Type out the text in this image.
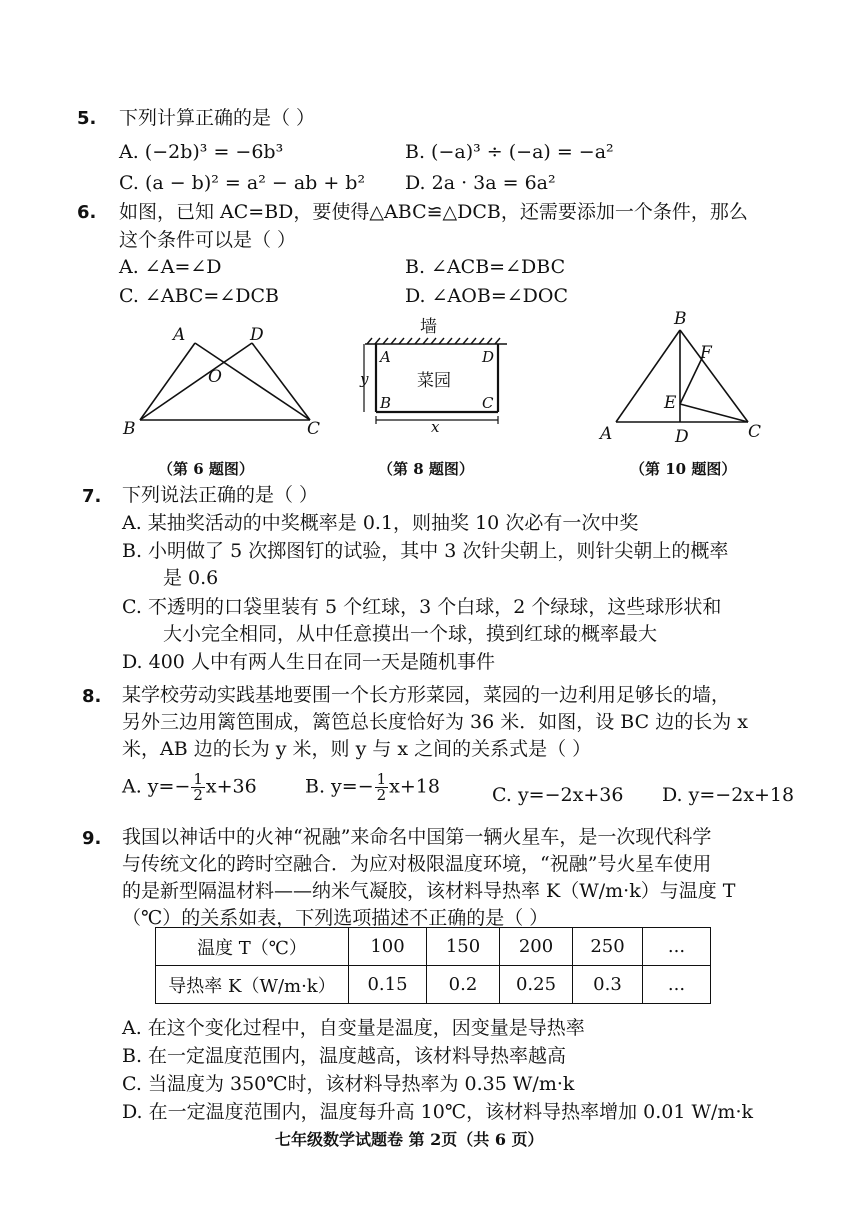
5. 下列计算正确的是（ ）
A. (−2b)³ = −6b³	B. (−a)³ ÷ (−a) = −a²
C. (a − b)² = a² − ab + b² D. 2a · 3a = 6a²
6. 如图，已知 AC=BD，要使得△ABC≌△DCB，还需要添加一个条件，那么
这个条件可以是（ ）
A. ∠A=∠D	B. ∠ACB=∠DBC
C. ∠ABC=∠DCB	D. ∠AOB=∠DOC
A	D
O
B	C
（第 6 题图）
墙
A	D
B	C
y
x
菜园
（第 8 题图）
B
F
E
A	D	C
（第 10 题图）
7. 下列说法正确的是（ ）
A. 某抽奖活动的中奖概率是 0.1，则抽奖 10 次必有一次中奖
B. 小明做了 5 次掷图钉的试验，其中 3 次针尖朝上，则针尖朝上的概率
是 0.6
C. 不透明的口袋里装有 5 个红球，3 个白球，2 个绿球，这些球形状和
大小完全相同，从中任意摸出一个球，摸到红球的概率最大
D. 400 人中有两人生日在同一天是随机事件
8. 某学校劳动实践基地要围一个长方形菜园，菜园的一边利用足够长的墙，
另外三边用篱笆围成，篱笆总长度恰好为 36 米．如图，设 BC 边的长为 x
米，AB 边的长为 y 米，则 y 与 x 之间的关系式是（ ）
A. $y=- \frac{1}{2} x+36$	B. $y=- \frac{1}{2} x+18$	C. y=−2x+36 D. y=−2x+18
9. 我国以神话中的火神“祝融”来命名中国第一辆火星车，是一次现代科学
与传统文化的跨时空融合．为应对极限温度环境，“祝融”号火星车使用
的是新型隔温材料——纳米气凝胶，该材料导热率 K（W/m·k）与温度 T
（℃）的关系如表，下列选项描述不正确的是（ ）
温度 T（℃）	100	150	200	250	...
导热率 K（W/m·k）	0.15	0.2	0.25	0.3	...
A. 在这个变化过程中，自变量是温度，因变量是导热率
B. 在一定温度范围内，温度越高，该材料导热率越高
C. 当温度为 350℃时，该材料导热率为 0.35 W/m·k
D. 在一定温度范围内，温度每升高 10℃，该材料导热率增加 0.01 W/m·k
七年级数学试题卷 第 2页（共 6 页）
